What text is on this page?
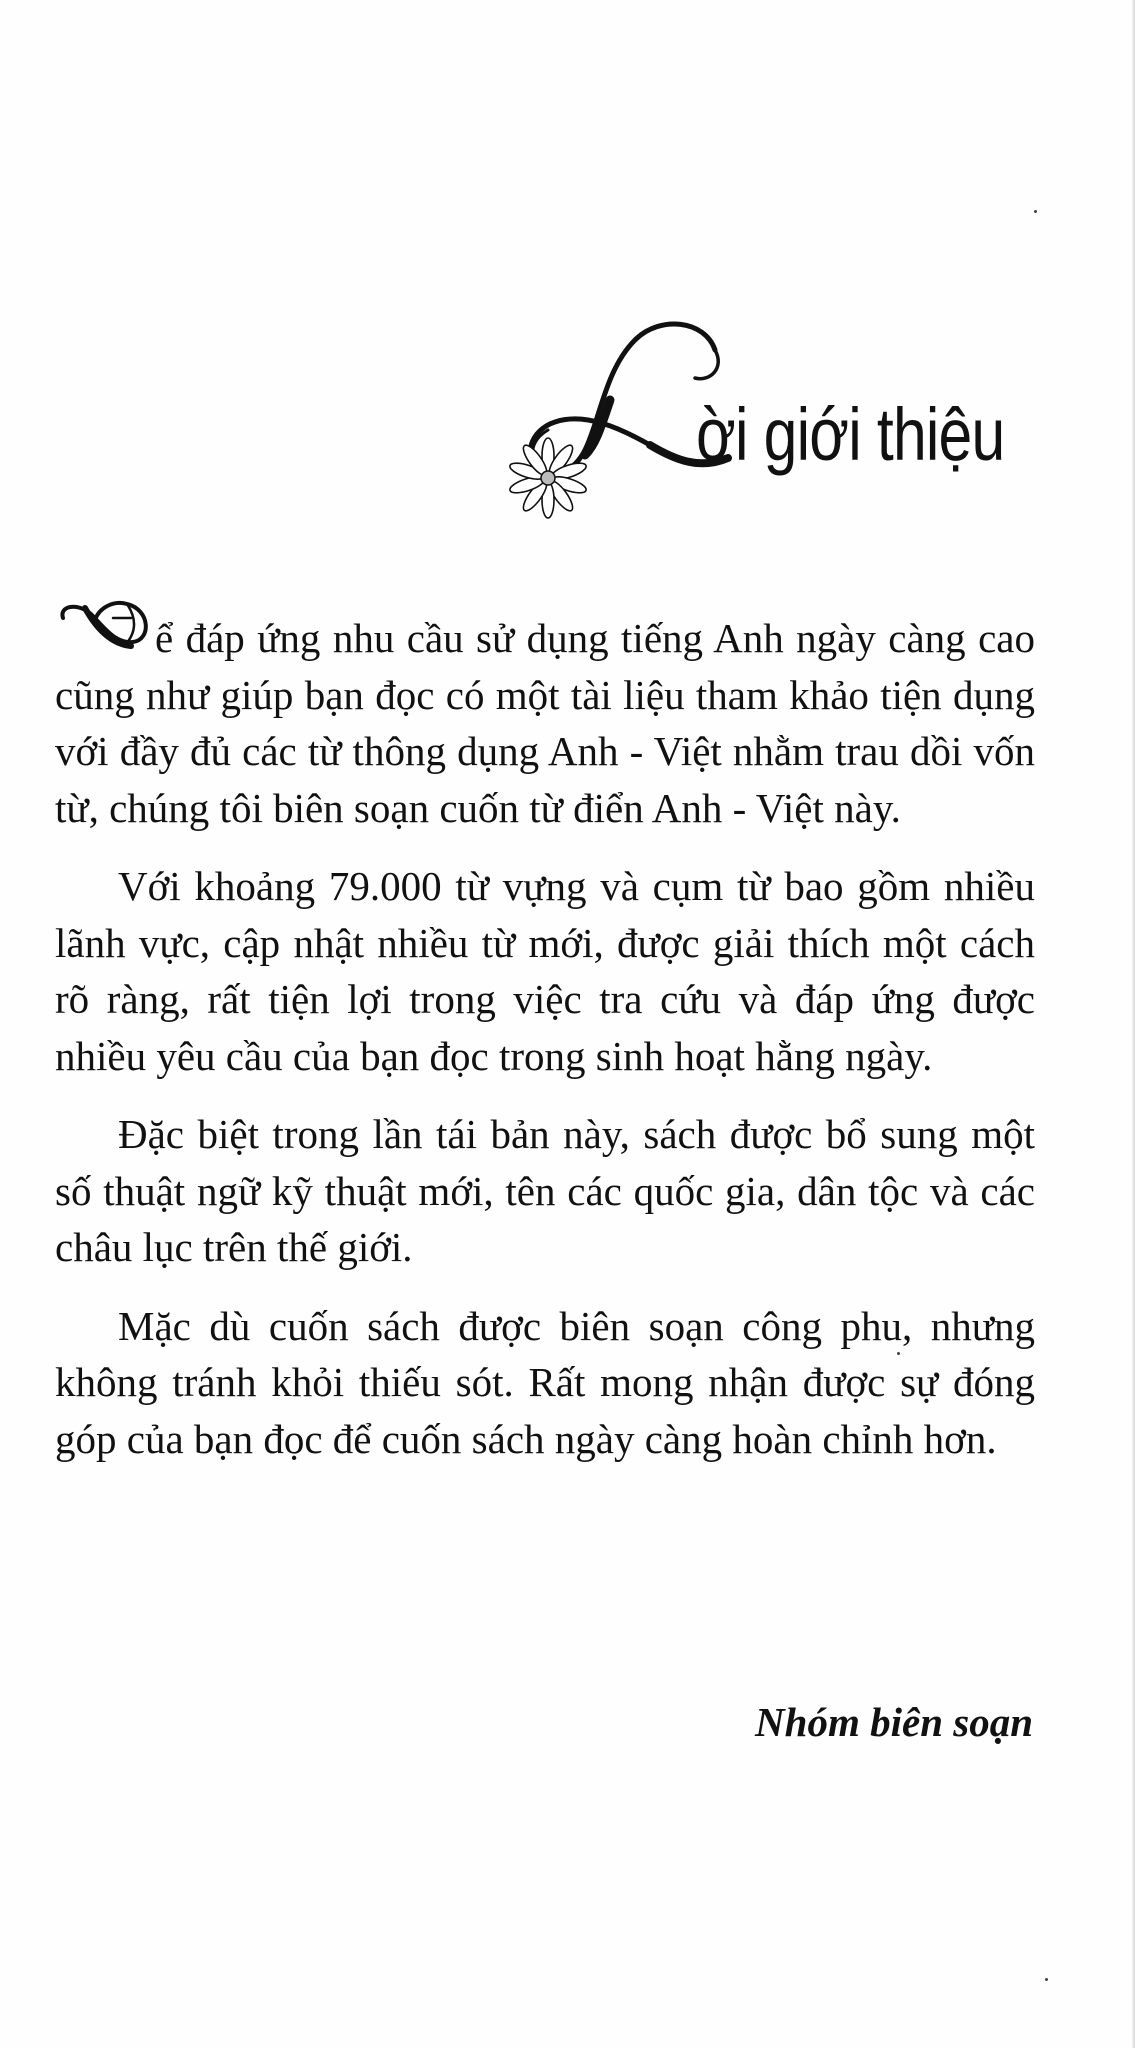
ời giới thiệu

ể đáp ứng nhu cầu sử dụng tiếng Anh ngày càng cao cũng như giúp bạn đọc có một tài liệu tham khảo tiện dụng với đầy đủ các từ thông dụng Anh - Việt nhằm trau dồi vốn từ, chúng tôi biên soạn cuốn từ điển Anh - Việt này.

Với khoảng 79.000 từ vựng và cụm từ bao gồm nhiều lãnh vực, cập nhật nhiều từ mới, được giải thích một cách rõ ràng, rất tiện lợi trong việc tra cứu và đáp ứng được nhiều yêu cầu của bạn đọc trong sinh hoạt hằng ngày.

Đặc biệt trong lần tái bản này, sách được bổ sung một số thuật ngữ kỹ thuật mới, tên các quốc gia, dân tộc và các châu lục trên thế giới.

Mặc dù cuốn sách được biên soạn công phu, nhưng không tránh khỏi thiếu sót. Rất mong nhận được sự đóng góp của bạn đọc để cuốn sách ngày càng hoàn chỉnh hơn.

Nhóm biên soạn
